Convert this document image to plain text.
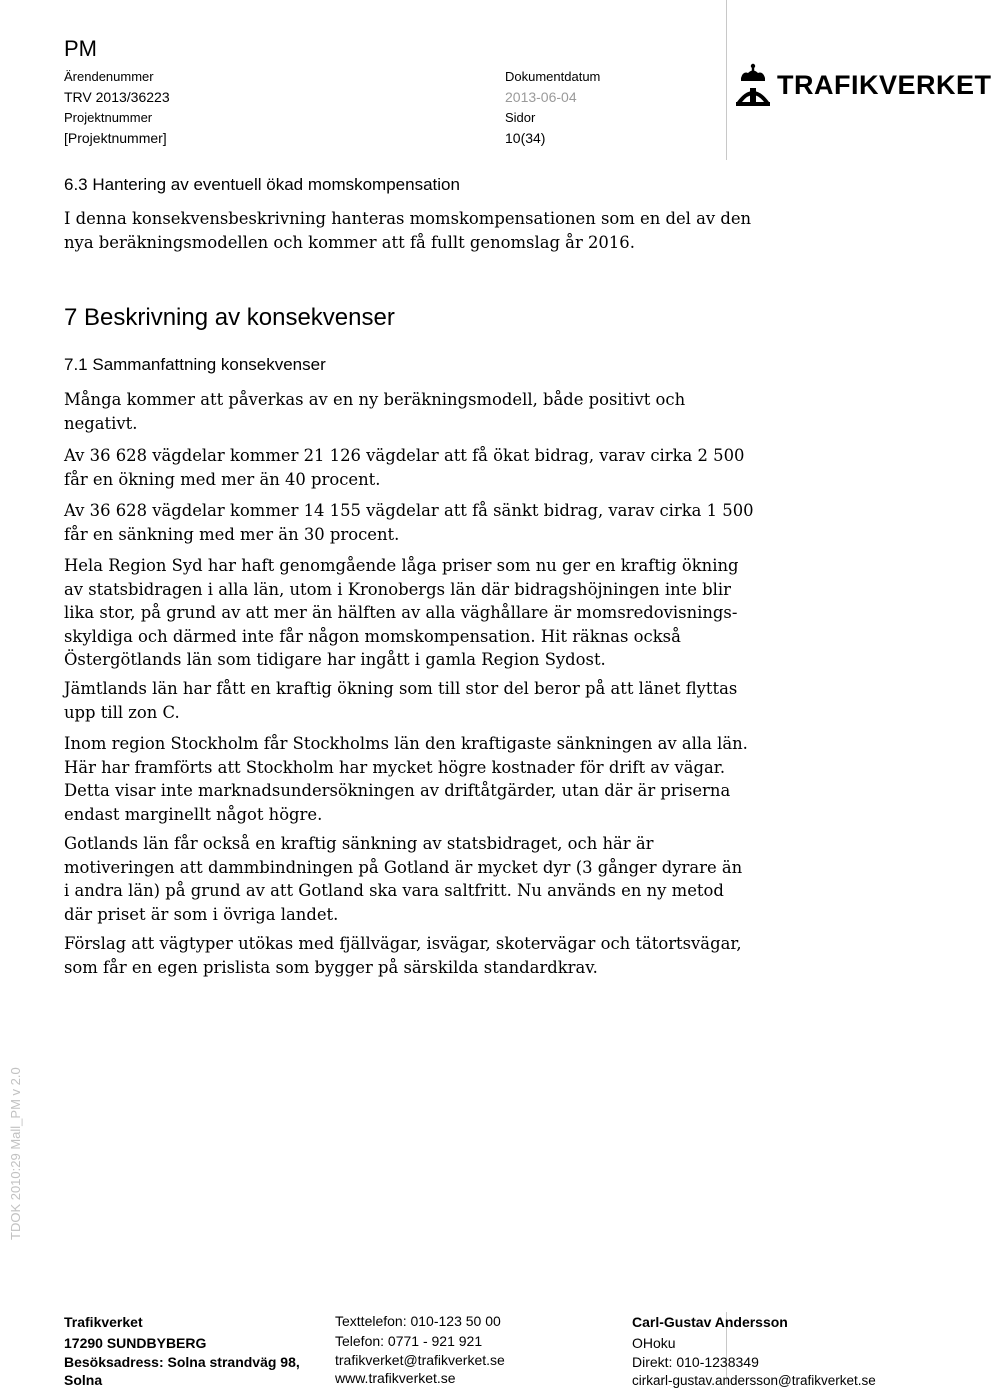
PM
Ärendenummer
TRV 2013/36223
Projektnummer
[Projektnummer]
Dokumentdatum
2013-06-04
Sidor
10(34)
TRAFIKVERKET
6.3 Hantering av eventuell ökad momskompensation
I denna konsekvensbeskrivning hanteras momskompensationen som en del av den
nya beräkningsmodellen och kommer att få fullt genomslag år 2016.
7 Beskrivning av konsekvenser
7.1 Sammanfattning konsekvenser
Många kommer att påverkas av en ny beräkningsmodell, både positivt och
negativt.
Av 36 628 vägdelar kommer 21 126 vägdelar att få ökat bidrag, varav cirka 2 500
får en ökning med mer än 40 procent.
Av 36 628 vägdelar kommer 14 155 vägdelar att få sänkt bidrag, varav cirka 1 500
får en sänkning med mer än 30 procent.
Hela Region Syd har haft genomgående låga priser som nu ger en kraftig ökning
av statsbidragen i alla län, utom i Kronobergs län där bidragshöjningen inte blir
lika stor, på grund av att mer än hälften av alla väghållare är momsredovisnings-
skyldiga och därmed inte får någon momskompensation. Hit räknas också
Östergötlands län som tidigare har ingått i gamla Region Sydost.
Jämtlands län har fått en kraftig ökning som till stor del beror på att länet flyttas
upp till zon C.
Inom region Stockholm får Stockholms län den kraftigaste sänkningen av alla län.
Här har framförts att Stockholm har mycket högre kostnader för drift av vägar.
Detta visar inte marknadsundersökningen av driftåtgärder, utan där är priserna
endast marginellt något högre.
Gotlands län får också en kraftig sänkning av statsbidraget, och här är
motiveringen att dammbindningen på Gotland är mycket dyr (3 gånger dyrare än
i andra län) på grund av att Gotland ska vara saltfritt. Nu används en ny metod
där priset är som i övriga landet.
Förslag att vägtyper utökas med fjällvägar, isvägar, skotervägar och tätortsvägar,
som får en egen prislista som bygger på särskilda standardkrav.
TDOK 2010:29 Mall_PM v 2.0
Trafikverket
17290 SUNDBYBERG
Besöksadress: Solna strandväg 98,
Solna
Texttelefon: 010-123 50 00
Telefon: 0771 - 921 921
trafikverket@trafikverket.se
www.trafikverket.se
Carl-Gustav Andersson
OHoku
Direkt: 010-1238349
cirkarl-gustav.andersson@trafikverket.se
